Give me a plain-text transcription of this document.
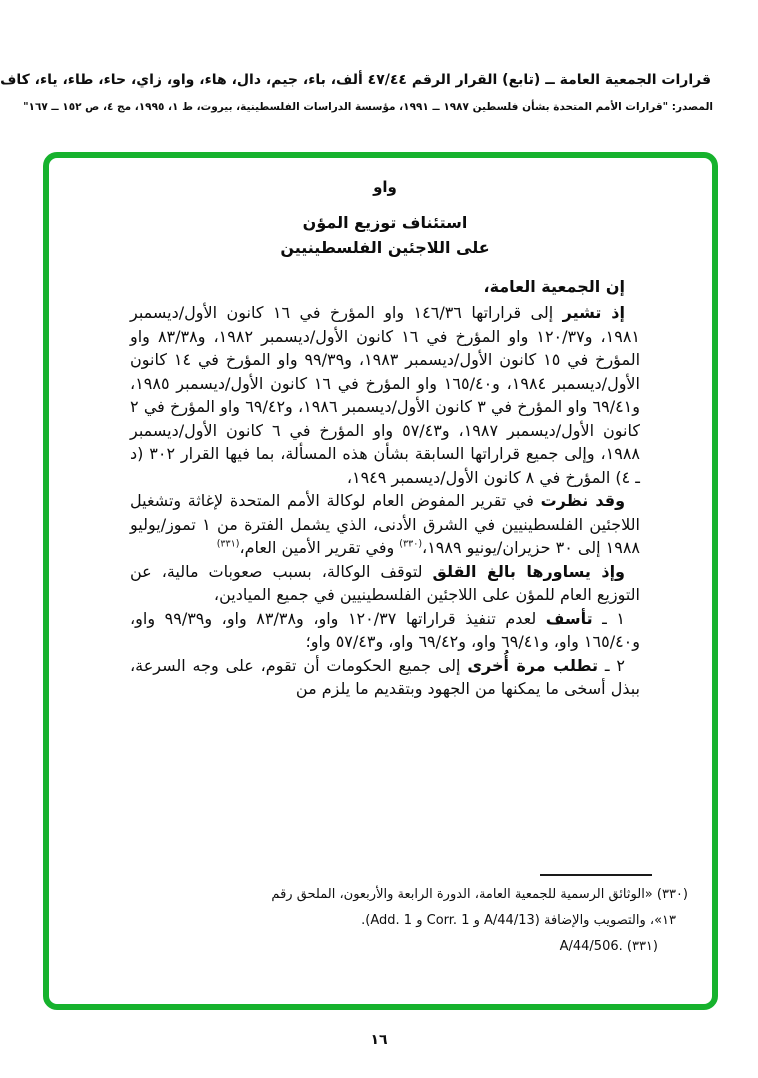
قرارات الجمعية العامة ــ (تابع) القرار الرقم ٤٧/٤٤ ألف، باء، جيم، دال، هاء، واو، زاي، حاء، طاء، ياء، كاف
المصدر: "قرارات الأمم المتحدة بشأن فلسطين ١٩٨٧ ــ ١٩٩١، مؤسسة الدراسات الفلسطينية، بيروت، ط ١، ١٩٩٥، مج ٤، ص ١٥٢ ــ ١٦٧"

واو

استئناف توزيع المؤن

على اللاجئين الفلسطينيين

إن الجمعية العامة،

إذ تشير إلى قراراتها ١٤٦/٣٦ واو المؤرخ في ١٦ كانون الأول/ديسمبر ١٩٨١، و١٢٠/٣٧ واو المؤرخ في ١٦ كانون الأول/ديسمبر ١٩٨٢، و٨٣/٣٨ واو المؤرخ في ١٥ كانون الأول/ديسمبر ١٩٨٣، و٩٩/٣٩ واو المؤرخ في ١٤ كانون الأول/ديسمبر ١٩٨٤، و١٦٥/٤٠ واو المؤرخ في ١٦ كانون الأول/ديسمبر ١٩٨٥، و٦٩/٤١ واو المؤرخ في ٣ كانون الأول/ديسمبر ١٩٨٦، و٦٩/٤٢ واو المؤرخ في ٢ كانون الأول/ديسمبر ١٩٨٧، و٥٧/٤٣ واو المؤرخ في ٦ كانون الأول/ديسمبر ١٩٨٨، وإلى جميع قراراتها السابقة بشأن هذه المسألة، بما فيها القرار ٣٠٢ (د ـ ٤) المؤرخ في ٨ كانون الأول/ديسمبر ١٩٤٩،

وقد نظرت في تقرير المفوض العام لوكالة الأمم المتحدة لإغاثة وتشغيل اللاجئين الفلسطينيين في الشرق الأدنى، الذي يشمل الفترة من ١ تموز/يوليو ١٩٨٨ إلى ٣٠ حزيران/يونيو ١٩٨٩،$^{(٣٣٠)}$ وفي تقرير الأمين العام،$^{(٣٣١)}$

وإذ يساورها بالغ القلق لتوقف الوكالة، بسبب صعوبات مالية، عن التوزيع العام للمؤن على اللاجئين الفلسطينيين في جميع الميادين،

١ ـ تأسف لعدم تنفيذ قراراتها ١٢٠/٣٧ واو، و٨٣/٣٨ واو، و٩٩/٣٩ واو، و١٦٥/٤٠ واو، و٦٩/٤١ واو، و٦٩/٤٢ واو، و٥٧/٤٣ واو؛

٢ ـ تطلب مرة أُخرى إلى جميع الحكومات أن تقوم، على وجه السرعة، ببذل أسخى ما يمكنها من الجهود وبتقديم ما يلزم من

(٣٣٠) «الوثائق الرسمية للجمعية العامة، الدورة الرابعة والأربعون، الملحق رقم ١٣»، والتصويب والإضافة (A/44/13 و Corr. 1 و Add. 1).

(٣٣١) A/44/506.

١٦
